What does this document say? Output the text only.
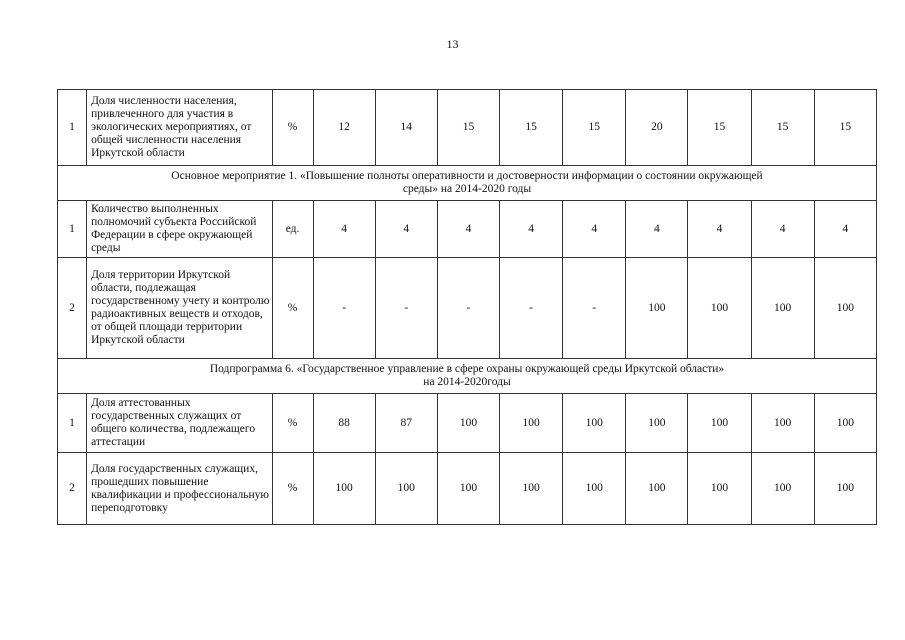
13
1	Доля численности населения, привлеченного для участия в экологических мероприятиях, от общей численности населения Иркутской области	%	12	14	15	15	15	20	15	15	15

Основное мероприятие 1. «Повышение полноты оперативности и достоверности информации о состоянии окружающей
среды» на 2014-2020 годы											

1	Количество выполненных полномочий субъекта Российской Федерации в сфере окружающей среды	ед.	4	4	4	4	4	4	4	4	4
2	Доля территории Иркутской области, подлежащая государственному учету и контролю радиоактивных веществ и отходов, от общей площади территории Иркутской области	%	-	-	-	-	-	100	100	100	100

Подпрограмма 6. «Государственное управление в сфере охраны окружающей среды Иркутской области»
на 2014-2020годы											

1	Доля аттестованных государственных служащих от общего количества, подлежащего аттестации	%	88	87	100	100	100	100	100	100	100
2	Доля государственных служащих, прошедших повышение квалификации и профессиональную переподготовку	%	100	100	100	100	100	100	100	100	100
